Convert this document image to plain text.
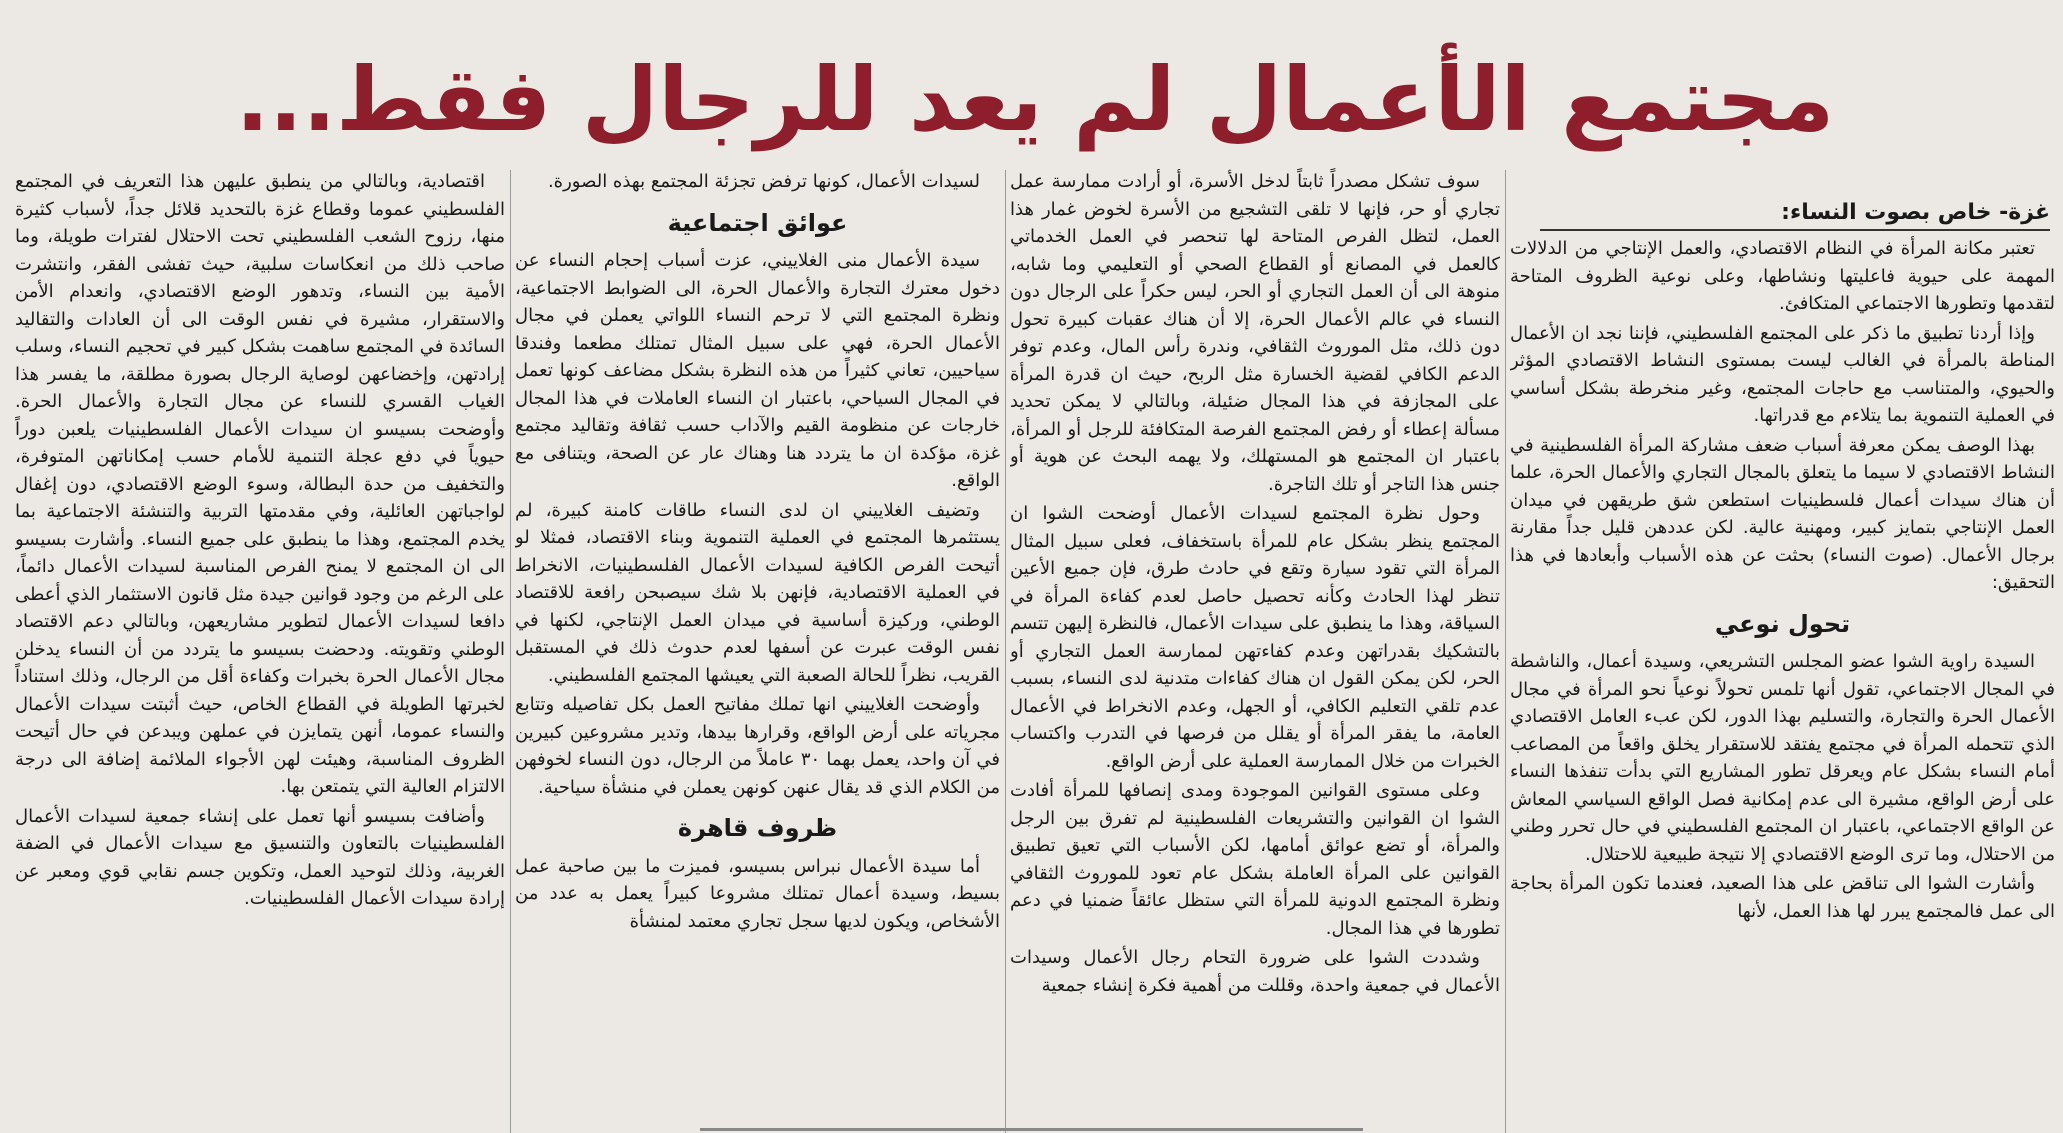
مجتمع الأعمال لم يعد للرجال فقط...
غزة- خاص بصوت النساء:

تعتبر مكانة المرأة في النظام الاقتصادي، والعمل الإنتاجي من الدلالات المهمة على حيوية فاعليتها ونشاطها، وعلى نوعية الظروف المتاحة لتقدمها وتطورها الاجتماعي المتكافئ.

وإذا أردنا تطبيق ما ذكر على المجتمع الفلسطيني، فإننا نجد ان الأعمال المناطة بالمرأة في الغالب ليست بمستوى النشاط الاقتصادي المؤثر والحيوي، والمتناسب مع حاجات المجتمع، وغير منخرطة بشكل أساسي في العملية التنموية بما يتلاءم مع قدراتها.

بهذا الوصف يمكن معرفة أسباب ضعف مشاركة المرأة الفلسطينية في النشاط الاقتصادي لا سيما ما يتعلق بالمجال التجاري والأعمال الحرة، علما أن هناك سيدات أعمال فلسطينيات استطعن شق طريقهن في ميدان العمل الإنتاجي بتمايز كبير، ومهنية عالية. لكن عددهن قليل جداً مقارنة برجال الأعمال. (صوت النساء) بحثت عن هذه الأسباب وأبعادها في هذا التحقيق:

تحول نوعي

السيدة راوية الشوا عضو المجلس التشريعي، وسيدة أعمال، والناشطة في المجال الاجتماعي، تقول أنها تلمس تحولاً نوعياً نحو المرأة في مجال الأعمال الحرة والتجارة، والتسليم بهذا الدور، لكن عبء العامل الاقتصادي الذي تتحمله المرأة في مجتمع يفتقد للاستقرار يخلق واقعاً من المصاعب أمام النساء بشكل عام ويعرقل تطور المشاريع التي بدأت تنفذها النساء على أرض الواقع، مشيرة الى عدم إمكانية فصل الواقع السياسي المعاش عن الواقع الاجتماعي، باعتبار ان المجتمع الفلسطيني في حال تحرر وطني من الاحتلال، وما ترى الوضع الاقتصادي إلا نتيجة طبيعية للاحتلال.

وأشارت الشوا الى تناقض على هذا الصعيد، فعندما تكون المرأة بحاجة الى عمل فالمجتمع يبرر لها هذا العمل، لأنها

سوف تشكل مصدراً ثابتاً لدخل الأسرة، أو أرادت ممارسة عمل تجاري أو حر، فإنها لا تلقى التشجيع من الأسرة لخوض غمار هذا العمل، لتظل الفرص المتاحة لها تنحصر في العمل الخدماتي كالعمل في المصانع أو القطاع الصحي أو التعليمي وما شابه، منوهة الى أن العمل التجاري أو الحر، ليس حكراً على الرجال دون النساء في عالم الأعمال الحرة، إلا أن هناك عقبات كبيرة تحول دون ذلك، مثل الموروث الثقافي، وندرة رأس المال، وعدم توفر الدعم الكافي لقضية الخسارة مثل الربح، حيث ان قدرة المرأة على المجازفة في هذا المجال ضئيلة، وبالتالي لا يمكن تحديد مسألة إعطاء أو رفض المجتمع الفرصة المتكافئة للرجل أو المرأة، باعتبار ان المجتمع هو المستهلك، ولا يهمه البحث عن هوية أو جنس هذا التاجر أو تلك التاجرة.

وحول نظرة المجتمع لسيدات الأعمال أوضحت الشوا ان المجتمع ينظر بشكل عام للمرأة باستخفاف، فعلى سبيل المثال المرأة التي تقود سيارة وتقع في حادث طرق، فإن جميع الأعين تنظر لهذا الحادث وكأنه تحصيل حاصل لعدم كفاءة المرأة في السياقة، وهذا ما ينطبق على سيدات الأعمال، فالنظرة إليهن تتسم بالتشكيك بقدراتهن وعدم كفاءتهن لممارسة العمل التجاري أو الحر، لكن يمكن القول ان هناك كفاءات متدنية لدى النساء، بسبب عدم تلقي التعليم الكافي، أو الجهل، وعدم الانخراط في الأعمال العامة، ما يفقر المرأة أو يقلل من فرصها في التدرب واكتساب الخبرات من خلال الممارسة العملية على أرض الواقع.

وعلى مستوى القوانين الموجودة ومدى إنصافها للمرأة أفادت الشوا ان القوانين والتشريعات الفلسطينية لم تفرق بين الرجل والمرأة، أو تضع عوائق أمامها، لكن الأسباب التي تعيق تطبيق القوانين على المرأة العاملة بشكل عام تعود للموروث الثقافي ونظرة المجتمع الدونية للمرأة التي ستظل عائقاً ضمنيا في دعم تطورها في هذا المجال.

وشددت الشوا على ضرورة التحام رجال الأعمال وسيدات الأعمال في جمعية واحدة، وقللت من أهمية فكرة إنشاء جمعية

لسيدات الأعمال، كونها ترفض تجزئة المجتمع بهذه الصورة.

عوائق اجتماعية

سيدة الأعمال منى الغلاييني، عزت أسباب إحجام النساء عن دخول معترك التجارة والأعمال الحرة، الى الضوابط الاجتماعية، ونظرة المجتمع التي لا ترحم النساء اللواتي يعملن في مجال الأعمال الحرة، فهي على سبيل المثال تمتلك مطعما وفندقا سياحيين، تعاني كثيراً من هذه النظرة بشكل مضاعف كونها تعمل في المجال السياحي، باعتبار ان النساء العاملات في هذا المجال خارجات عن منظومة القيم والآداب حسب ثقافة وتقاليد مجتمع غزة، مؤكدة ان ما يتردد هنا وهناك عار عن الصحة، ويتنافى مع الواقع.

وتضيف الغلاييني ان لدى النساء طاقات كامنة كبيرة، لم يستثمرها المجتمع في العملية التنموية وبناء الاقتصاد، فمثلا لو أتيحت الفرص الكافية لسيدات الأعمال الفلسطينيات، الانخراط في العملية الاقتصادية، فإنهن بلا شك سيصبحن رافعة للاقتصاد الوطني، وركيزة أساسية في ميدان العمل الإنتاجي، لكنها في نفس الوقت عبرت عن أسفها لعدم حدوث ذلك في المستقبل القريب، نظراً للحالة الصعبة التي يعيشها المجتمع الفلسطيني.

وأوضحت الغلاييني انها تملك مفاتيح العمل بكل تفاصيله وتتابع مجرياته على أرض الواقع، وقرارها بيدها، وتدير مشروعين كبيرين في آن واحد، يعمل بهما ٣٠ عاملاً من الرجال، دون النساء لخوفهن من الكلام الذي قد يقال عنهن كونهن يعملن في منشأة سياحية.

ظروف قاهرة

أما سيدة الأعمال نبراس بسيسو، فميزت ما بين صاحبة عمل بسيط، وسيدة أعمال تمتلك مشروعا كبيراً يعمل به عدد من الأشخاص، ويكون لديها سجل تجاري معتمد لمنشأة

اقتصادية، وبالتالي من ينطبق عليهن هذا التعريف في المجتمع الفلسطيني عموما وقطاع غزة بالتحديد قلائل جداً، لأسباب كثيرة منها، رزوح الشعب الفلسطيني تحت الاحتلال لفترات طويلة، وما صاحب ذلك من انعكاسات سلبية، حيث تفشى الفقر، وانتشرت الأمية بين النساء، وتدهور الوضع الاقتصادي، وانعدام الأمن والاستقرار، مشيرة في نفس الوقت الى أن العادات والتقاليد السائدة في المجتمع ساهمت بشكل كبير في تحجيم النساء، وسلب إرادتهن، وإخضاعهن لوصاية الرجال بصورة مطلقة، ما يفسر هذا الغياب القسري للنساء عن مجال التجارة والأعمال الحرة. وأوضحت بسيسو ان سيدات الأعمال الفلسطينيات يلعبن دوراً حيوياً في دفع عجلة التنمية للأمام حسب إمكاناتهن المتوفرة، والتخفيف من حدة البطالة، وسوء الوضع الاقتصادي، دون إغفال لواجباتهن العائلية، وفي مقدمتها التربية والتنشئة الاجتماعية بما يخدم المجتمع، وهذا ما ينطبق على جميع النساء. وأشارت بسيسو الى ان المجتمع لا يمنح الفرص المناسبة لسيدات الأعمال دائماً، على الرغم من وجود قوانين جيدة مثل قانون الاستثمار الذي أعطى دافعا لسيدات الأعمال لتطوير مشاريعهن، وبالتالي دعم الاقتصاد الوطني وتقويته. ودحضت بسيسو ما يتردد من أن النساء يدخلن مجال الأعمال الحرة بخبرات وكفاءة أقل من الرجال، وذلك استناداً لخبرتها الطويلة في القطاع الخاص، حيث أثبتت سيدات الأعمال والنساء عموما، أنهن يتمايزن في عملهن ويبدعن في حال أتيحت الظروف المناسبة، وهيئت لهن الأجواء الملائمة إضافة الى درجة الالتزام العالية التي يتمتعن بها.

وأضافت بسيسو أنها تعمل على إنشاء جمعية لسيدات الأعمال الفلسطينيات بالتعاون والتنسيق مع سيدات الأعمال في الضفة الغربية، وذلك لتوحيد العمل، وتكوين جسم نقابي قوي ومعبر عن إرادة سيدات الأعمال الفلسطينيات.
